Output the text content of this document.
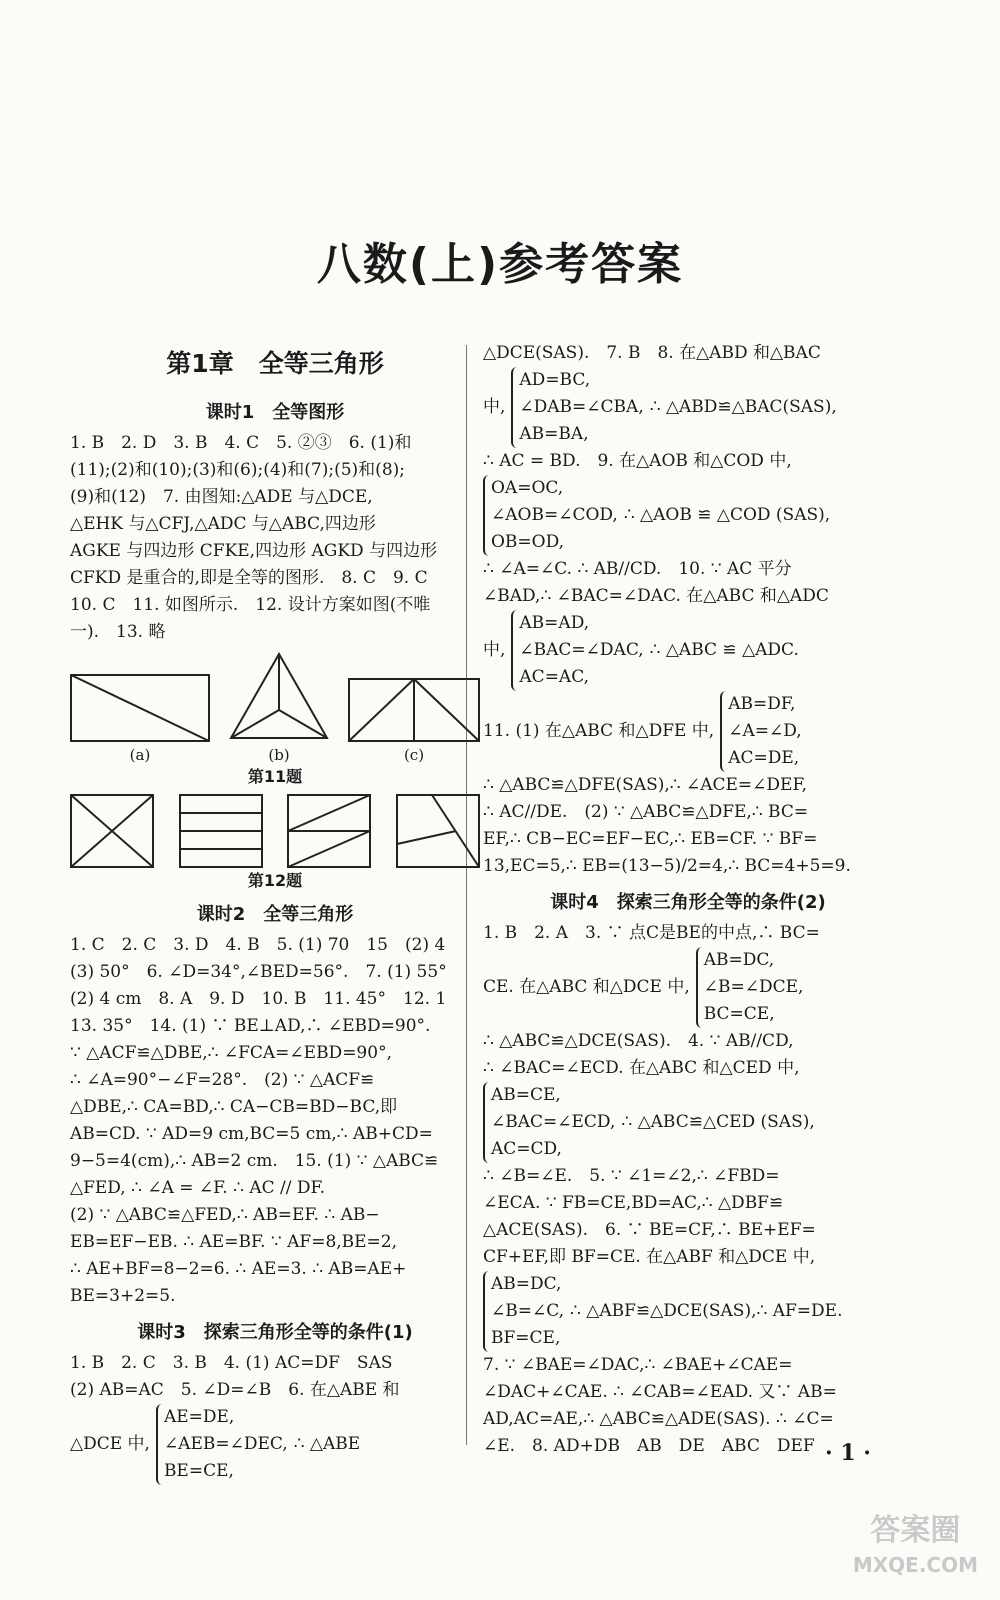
八数(上)参考答案
第1章　全等三角形
课时1　全等图形
1. B　2. D　3. B　4. C　5. ②③　6. (1)和
(11);(2)和(10);(3)和(6);(4)和(7);(5)和(8);
(9)和(12)　7. 由图知:△ADE 与△DCE,
△EHK 与△CFJ,△ADC 与△ABC,四边形
AGKE 与四边形 CFKE,四边形 AGKD 与四边形
CFKD 是重合的,即是全等的图形.　8. C　9. C
10. C　11. 如图所示.　12. 设计方案如图(不唯
一).　13. 略
(a)	(b)	(c)
第11题
第12题
课时2　全等三角形
1. C　2. C　3. D　4. B　5. (1) 70　15　(2) 4
(3) 50°　6. ∠D=34°,∠BED=56°.　7. (1) 55°
(2) 4 cm　8. A　9. D　10. B　11. 45°　12. 1
13. 35°　14. (1) ∵ BE⊥AD,∴ ∠EBD=90°.
∵ △ACF≌△DBE,∴ ∠FCA=∠EBD=90°,
∴ ∠A=90°−∠F=28°.　(2) ∵ △ACF≌
△DBE,∴ CA=BD,∴ CA−CB=BD−BC,即
AB=CD. ∵ AD=9 cm,BC=5 cm,∴ AB+CD=
9−5=4(cm),∴ AB=2 cm.　15. (1) ∵ △ABC≌
△FED, ∴ ∠A = ∠F. ∴ AC // DF.
(2) ∵ △ABC≌△FED,∴ AB=EF. ∴ AB−
EB=EF−EB. ∴ AE=BF. ∵ AF=8,BE=2,
∴ AE+BF=8−2=6. ∴ AE=3. ∴ AB=AE+
BE=3+2=5.
课时3　探索三角形全等的条件(1)
1. B　2. C　3. B　4. (1) AC=DF　SAS
(2) AB=AC　5. ∠D=∠B　6. 在△ABE 和
△DCE 中,
AE=DE,
∠AEB=∠DEC,
BE=CE,
∴ △ABE
△DCE(SAS).　7. B　8. 在△ABD 和△BAC
中,
AD=BC,
∠DAB=∠CBA,
AB=BA,
∴ △ABD≌△BAC(SAS),
∴ AC = BD.　9. 在△AOB 和△COD 中,
OA=OC,
∠AOB=∠COD,
OB=OD,
∴ △AOB ≌ △COD (SAS),
∴ ∠A=∠C. ∴ AB//CD.　10. ∵ AC 平分
∠BAD,∴ ∠BAC=∠DAC. 在△ABC 和△ADC
中,
AB=AD,
∠BAC=∠DAC,
AC=AC,
∴ △ABC ≌ △ADC.
11. (1) 在△ABC 和△DFE 中,
AB=DF,
∠A=∠D,
AC=DE,
∴ △ABC≌△DFE(SAS),∴ ∠ACE=∠DEF,
∴ AC//DE.　(2) ∵ △ABC≌△DFE,∴ BC=
EF,∴ CB−EC=EF−EC,∴ EB=CF. ∵ BF=
13,EC=5,∴ EB=(13−5)/2=4,∴ BC=4+5=9.
课时4　探索三角形全等的条件(2)
1. B　2. A　3. ∵ 点C是BE的中点,∴ BC=
CE. 在△ABC 和△DCE 中,
AB=DC,
∠B=∠DCE,
BC=CE,
∴ △ABC≌△DCE(SAS).　4. ∵ AB//CD,
∴ ∠BAC=∠ECD. 在△ABC 和△CED 中,
AB=CE,
∠BAC=∠ECD,
AC=CD,
∴ △ABC≌△CED (SAS),
∴ ∠B=∠E.　5. ∵ ∠1=∠2,∴ ∠FBD=
∠ECA. ∵ FB=CE,BD=AC,∴ △DBF≌
△ACE(SAS).　6. ∵ BE=CF,∴ BE+EF=
CF+EF,即 BF=CE. 在△ABF 和△DCE 中,
AB=DC,
∠B=∠C,
BF=CE,
∴ △ABF≌△DCE(SAS),∴ AF=DE.
7. ∵ ∠BAE=∠DAC,∴ ∠BAE+∠CAE=
∠DAC+∠CAE. ∴ ∠CAB=∠EAD. 又∵ AB=
AD,AC=AE,∴ △ABC≌△ADE(SAS). ∴ ∠C=
∠E.　8. AD+DB　AB　DE　ABC　DEF · 1 ·
答案圈
MXQE.COM
